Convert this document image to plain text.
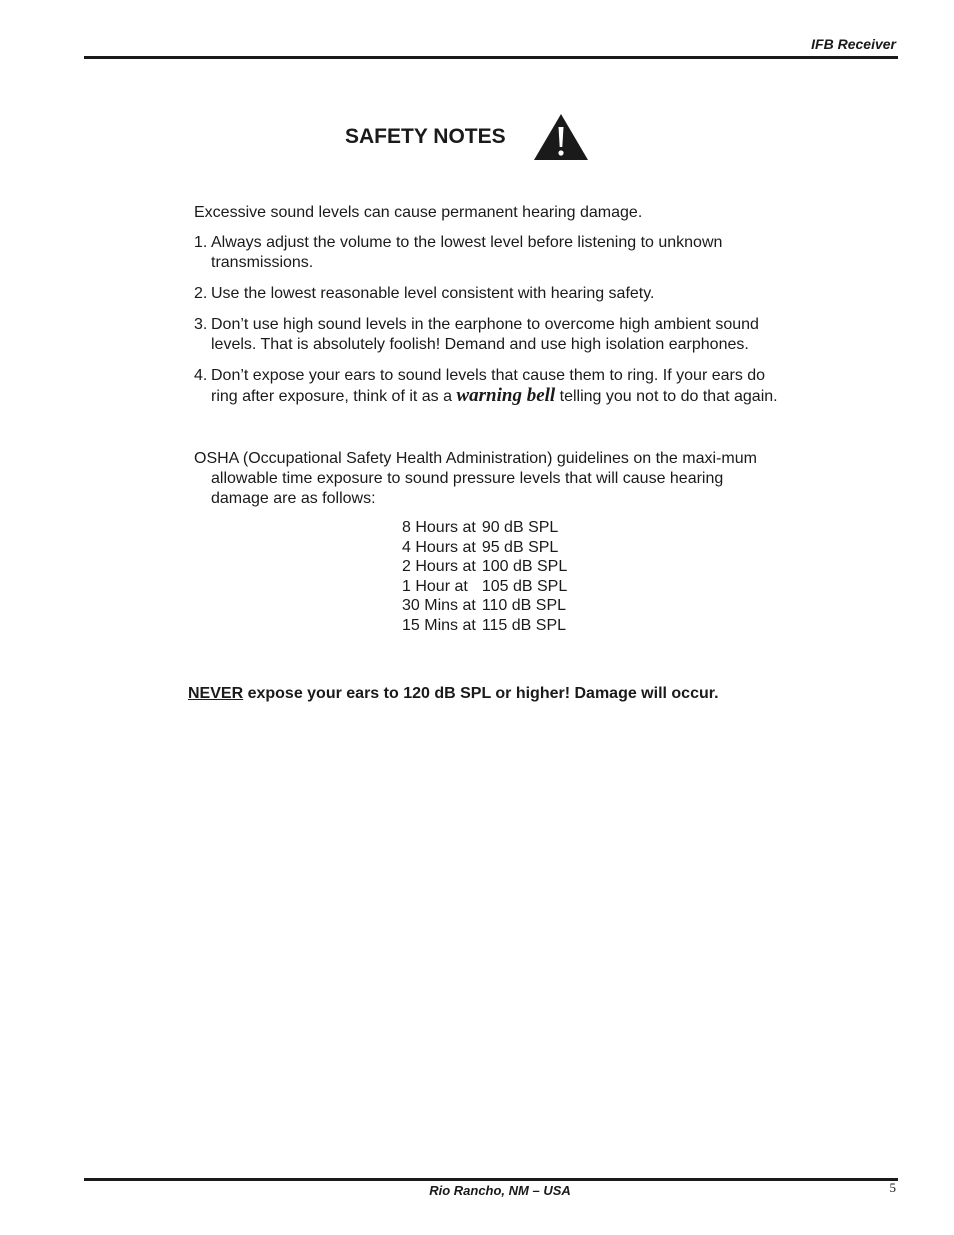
IFB Receiver
SAFETY NOTES

Excessive sound levels can cause permanent hearing damage.

1. Always adjust the volume to the lowest level before listening to unknown transmissions.
2. Use the lowest reasonable level consistent with hearing safety.
3. Don’t use high sound levels in the earphone to overcome high ambient sound levels. That is absolutely foolish! Demand and use high isolation earphones.
4. Don’t expose your ears to sound levels that cause them to ring. If your ears do ring after exposure, think of it as a warning bell telling you not to do that again.

OSHA (Occupational Safety Health Administration) guidelines on the maxi-mum allowable time exposure to sound pressure levels that will cause hearing damage are as follows:

8 Hours at	90 dB SPL
4 Hours at	95 dB SPL
2 Hours at	100 dB SPL
1 Hour at	105 dB SPL
30 Mins at	110 dB SPL
15 Mins at	115 dB SPL
NEVER expose your ears to 120 dB SPL or higher! Damage will occur.
Rio Rancho, NM – USA	5
